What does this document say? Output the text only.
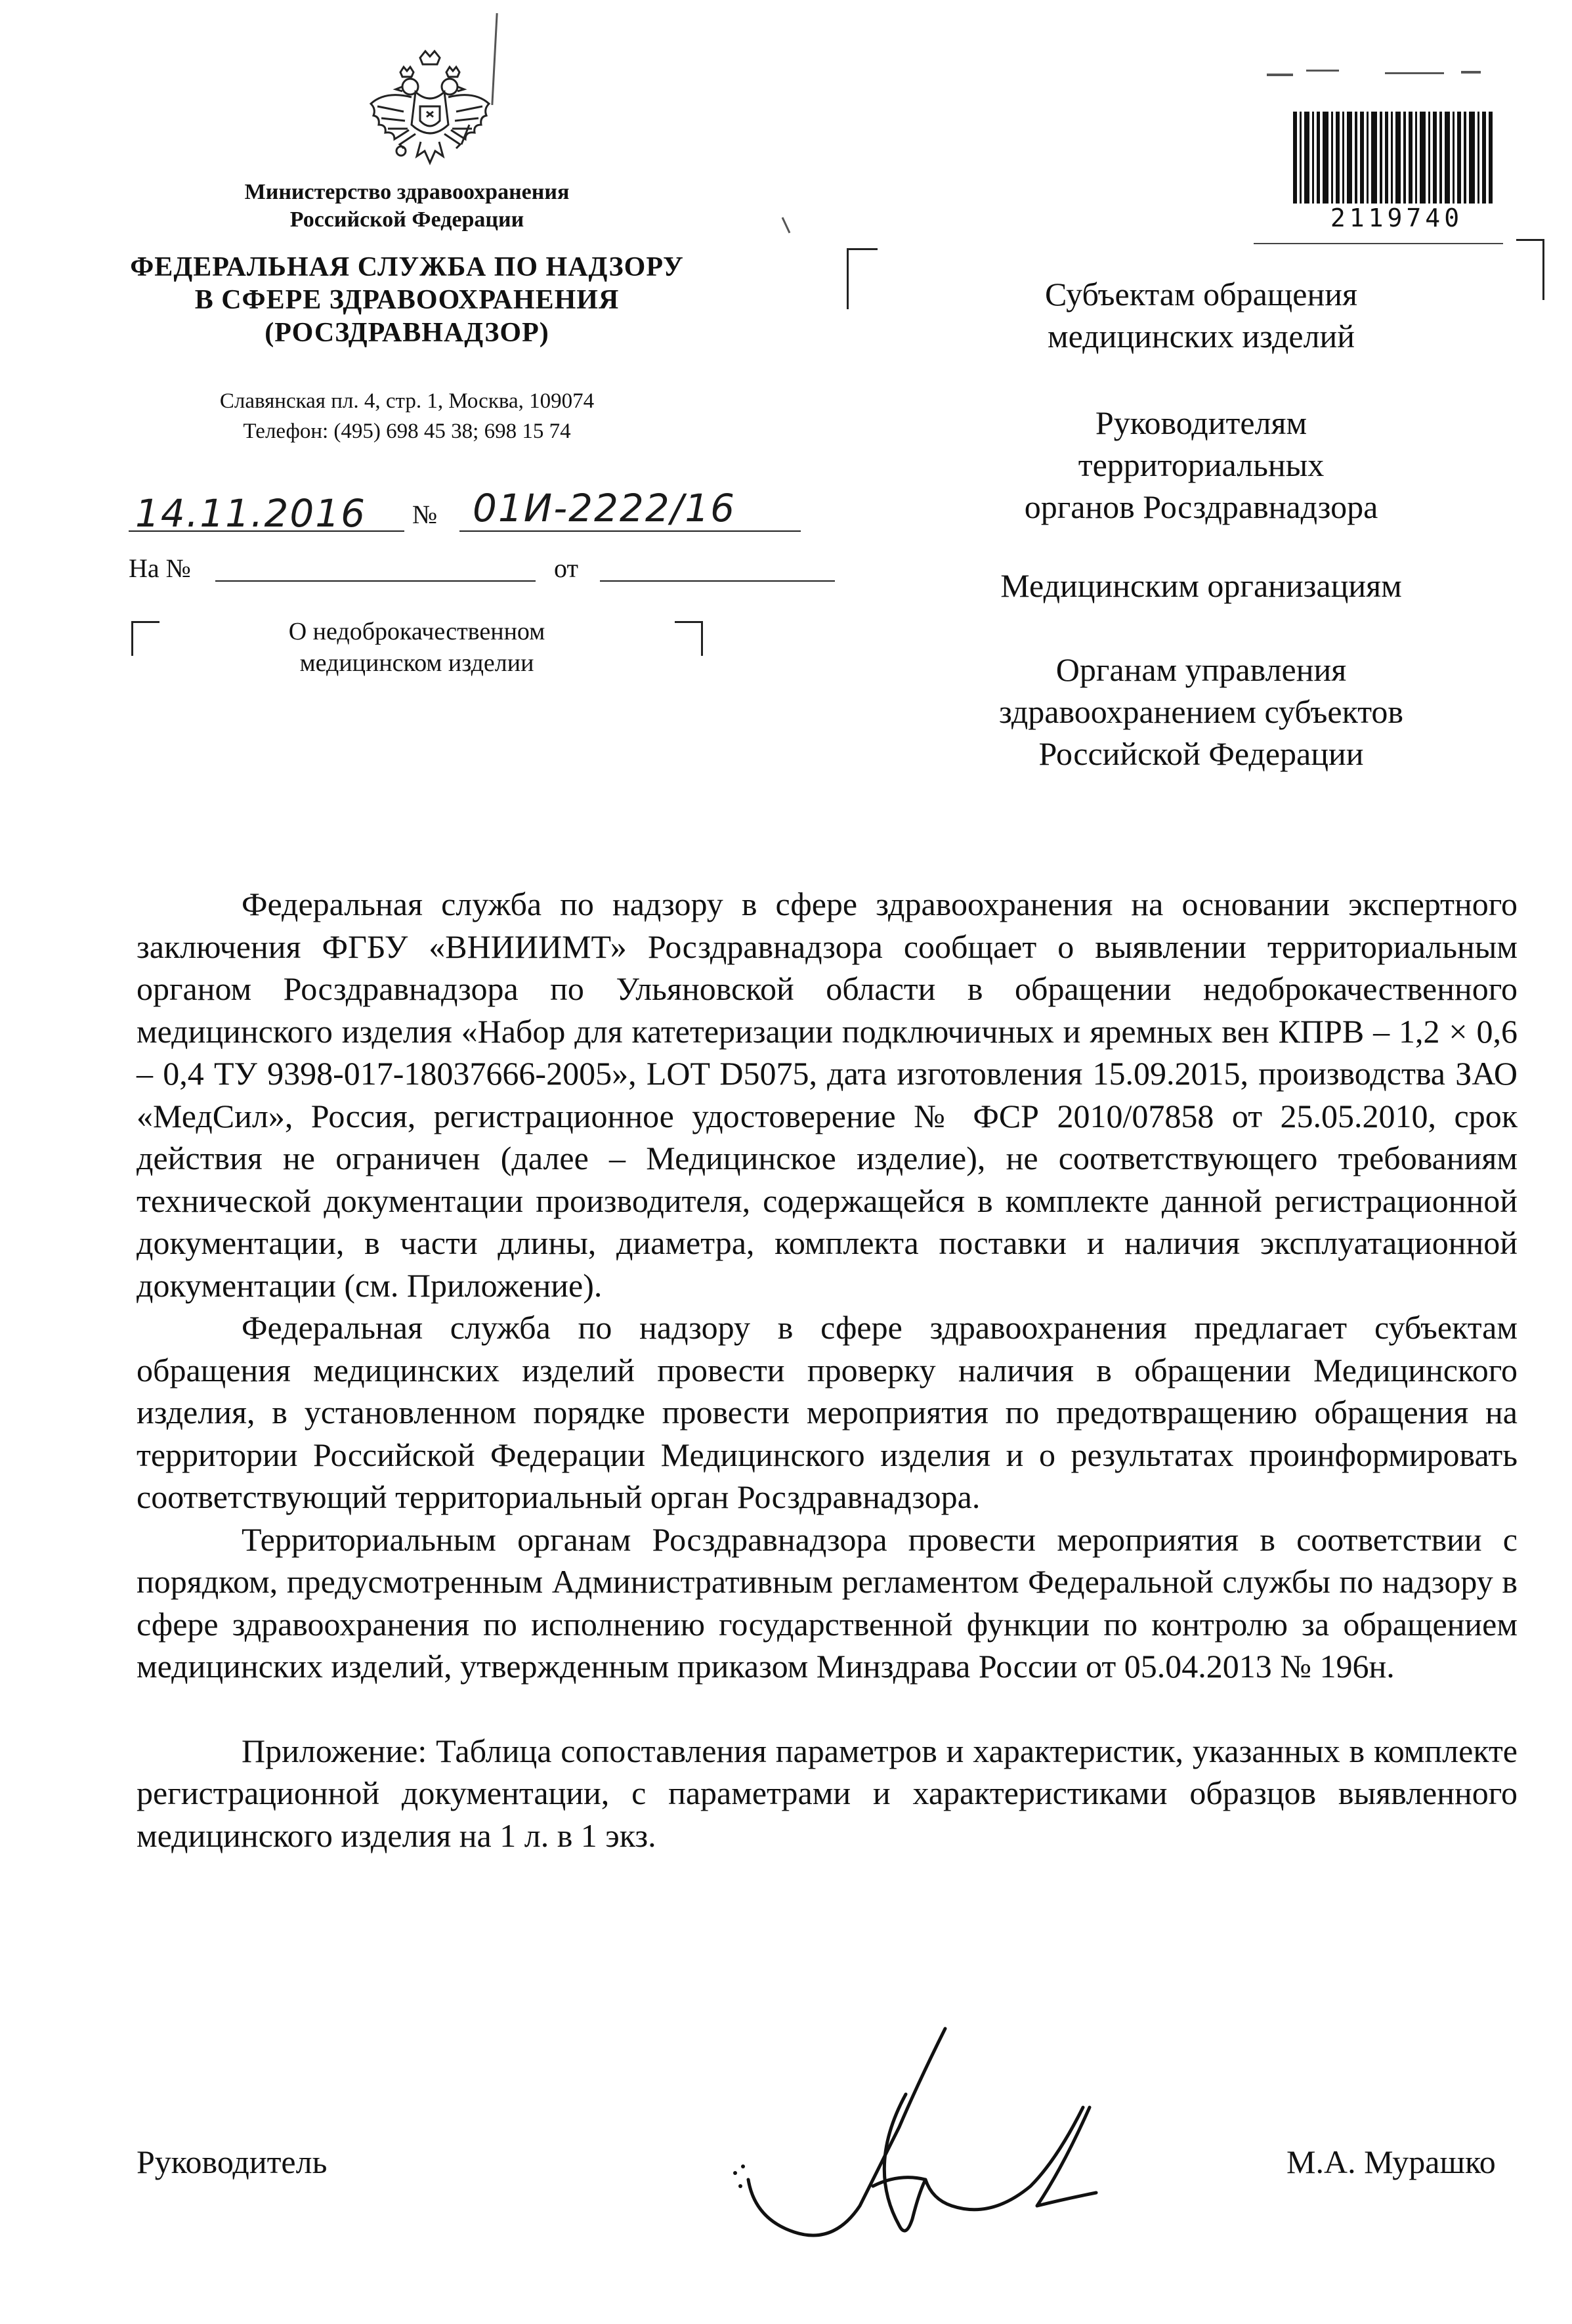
Министерство здравоохранения
Российской Федерации
ФЕДЕРАЛЬНАЯ СЛУЖБА ПО НАДЗОРУ
В СФЕРЕ ЗДРАВООХРАНЕНИЯ
(РОСЗДРАВНАДЗОР)
Славянская пл. 4, стр. 1, Москва, 109074
Телефон: (495) 698 45 38; 698 15 74
14.11.2016 № 01И-2222/16
На №	от
О недоброкачественном
медицинском изделии
2119740
Субъектам обращения
медицинских изделий
Руководителям
территориальных
органов Росздравнадзора
Медицинским организациям
Органам управления
здравоохранением субъектов
Российской Федерации

Федеральная служба по надзору в сфере здравоохранения на основании экспертного заключения ФГБУ «ВНИИИМТ» Росздравнадзора сообщает о выявлении территориальным органом Росздравнадзора по Ульяновской области в обращении недоброкачественного медицинского изделия «Набор для катетеризации подключичных и яремных вен КПРВ – 1,2 × 0,6 – 0,4 ТУ 9398-017-18037666-2005», LOT D5075, дата изготовления 15.09.2015, производства ЗАО «МедСил», Россия, регистрационное удостоверение № ФСР 2010/07858 от 25.05.2010, срок действия не ограничен (далее – Медицинское изделие), не соответствующего требованиям технической документации производителя, содержащейся в комплекте данной регистрационной документации, в части длины, диаметра, комплекта поставки и наличия эксплуатационной документации (см. Приложение).

Федеральная служба по надзору в сфере здравоохранения предлагает субъектам обращения медицинских изделий провести проверку наличия в обращении Медицинского изделия, в установленном порядке провести мероприятия по предотвращению обращения на территории Российской Федерации Медицинского изделия и о результатах проинформировать соответствующий территориальный орган Росздравнадзора.

Территориальным органам Росздравнадзора провести мероприятия в соответствии с порядком, предусмотренным Административным регламентом Федеральной службы по надзору в сфере здравоохранения по исполнению государственной функции по контролю за обращением медицинских изделий, утвержденным приказом Минздрава России от 05.04.2013 № 196н.

Приложение: Таблица сопоставления параметров и характеристик, указанных в комплекте регистрационной документации, с параметрами и характеристиками образцов выявленного медицинского изделия на 1 л. в 1 экз.

Руководитель	М.А. Мурашко
